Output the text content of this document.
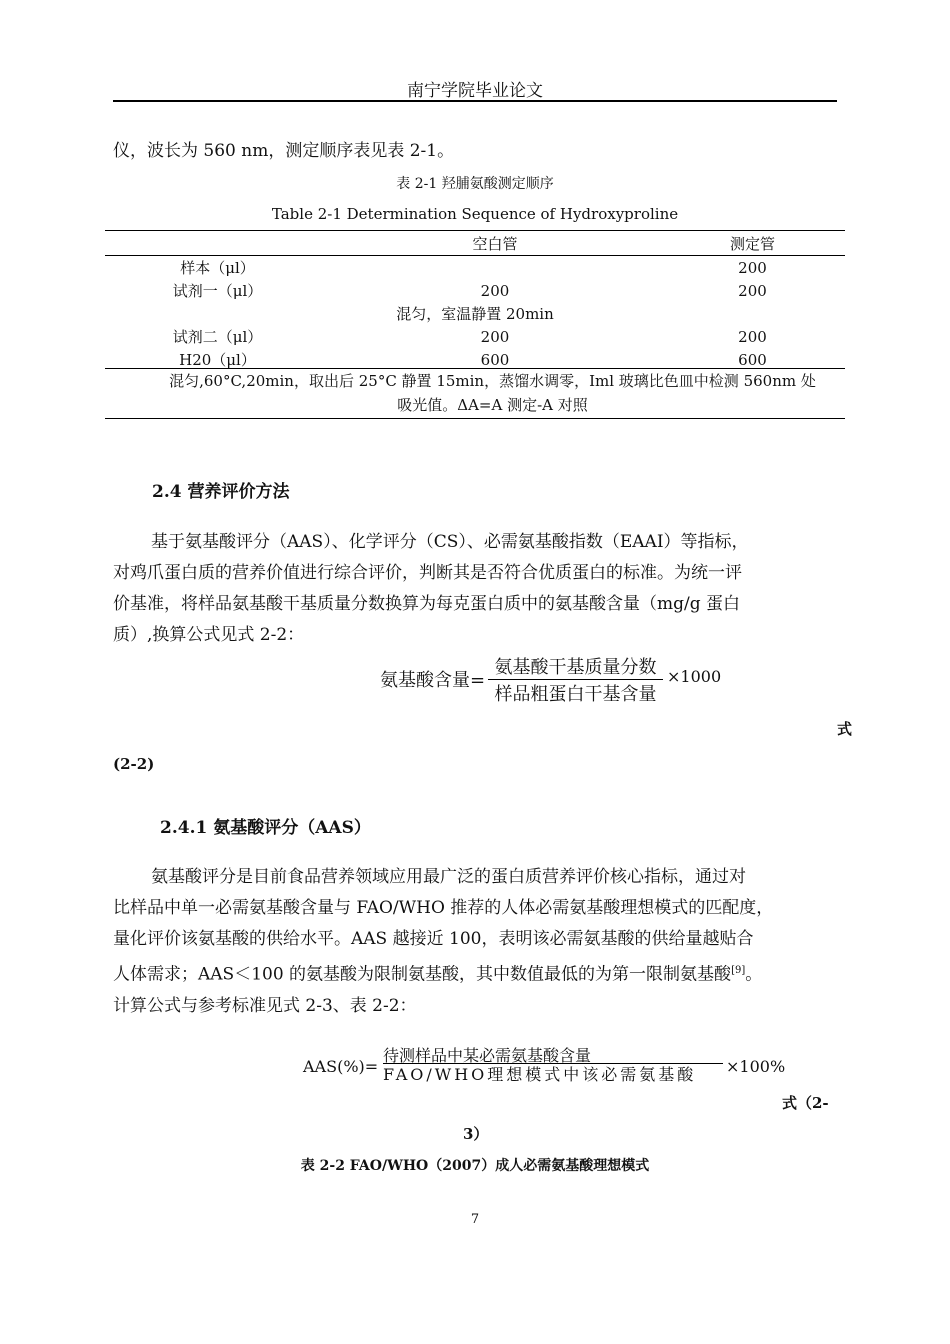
南宁学院毕业论文
仪，波长为 560 nm，测定顺序表见表 2-1。
表 2-1 羟脯氨酸测定顺序
Table 2-1 Determination Sequence of Hydroxyproline
	空白管	测定管
样本（μl）		200
试剂一（μl）	200	200
混匀，室温静置 20min		
试剂二（μl）	200	200
H20（μl）	600	600
混匀,60°C,20min，取出后 25°C 静置 15min，蒸馏水调零，Iml 玻璃比色皿中检测 560nm 处
吸光值。ΔA=A 测定-A 对照
2.4 营养评价方法
基于氨基酸评分（AAS）、化学评分（CS）、必需氨基酸指数（EAAI）等指标，
对鸡爪蛋白质的营养价值进行综合评价，判断其是否符合优质蛋白的标准。为统一评
价基准，将样品氨基酸干基质量分数换算为每克蛋白质中的氨基酸含量（mg/g 蛋白
质）,换算公式见式 2-2：
氨基酸含量=
氨基酸干基质量分数
样品粗蛋白干基含量
×1000
式
(2-2)
2.4.1 氨基酸评分（AAS）
氨基酸评分是目前食品营养领域应用最广泛的蛋白质营养评价核心指标，通过对
比样品中单一必需氨基酸含量与 FAO/WHO 推荐的人体必需氨基酸理想模式的匹配度，
量化评价该氨基酸的供给水平。AAS 越接近 100，表明该必需氨基酸的供给量越贴合
人体需求；AAS＜100 的氨基酸为限制氨基酸，其中数值最低的为第一限制氨基酸[9]。
计算公式与参考标准见式 2-3、表 2-2：
AAS(%)=
待测样品中某必需氨基酸含量
FAO/WHO理想模式中该必需氨基酸	×100%
式（2-
3）
表 2-2 FAO/WHO（2007）成人必需氨基酸理想模式
7
